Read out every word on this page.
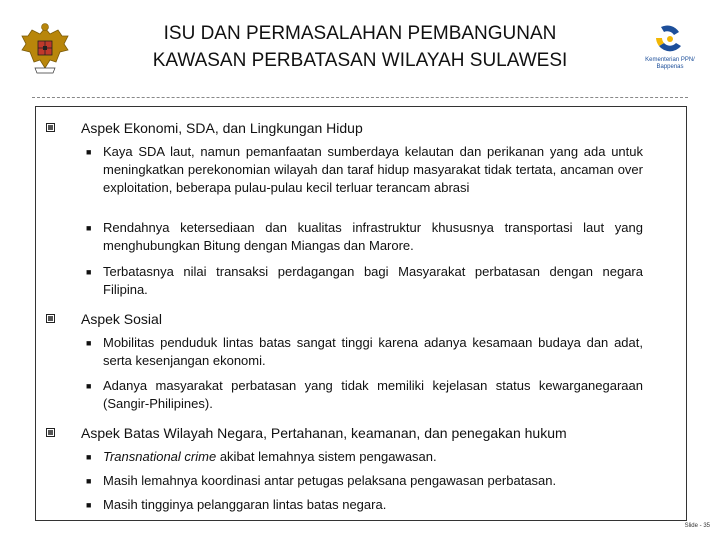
ISU DAN PERMASALAHAN PEMBANGUNAN
KAWASAN PERBATASAN WILAYAH SULAWESI	Kementerian PPN/
Bappenas
Aspek Ekonomi, SDA, dan Lingkungan Hidup
■ Kaya SDA laut, namun pemanfaatan sumberdaya kelautan dan perikanan yang ada untuk meningkatkan perekonomian wilayah dan taraf hidup masyarakat tidak tertata, ancaman over exploitation, beberapa pulau-pulau kecil terluar terancam abrasi
■ Rendahnya ketersediaan dan kualitas infrastruktur khususnya transportasi laut yang menghubungkan Bitung dengan Miangas dan Marore.
■ Terbatasnya nilai transaksi perdagangan bagi Masyarakat perbatasan dengan negara Filipina.
Aspek Sosial
■ Mobilitas penduduk lintas batas sangat tinggi karena adanya kesamaan budaya dan adat, serta kesenjangan ekonomi.
■ Adanya masyarakat perbatasan yang tidak memiliki kejelasan status kewarganegaraan (Sangir-Philipines).
Aspek Batas Wilayah Negara, Pertahanan, keamanan, dan penegakan hukum
■ Transnational crime akibat lemahnya sistem pengawasan.
■ Masih lemahnya koordinasi antar petugas pelaksana pengawasan perbatasan.
■ Masih tingginya pelanggaran lintas batas negara.
Slide - 35
